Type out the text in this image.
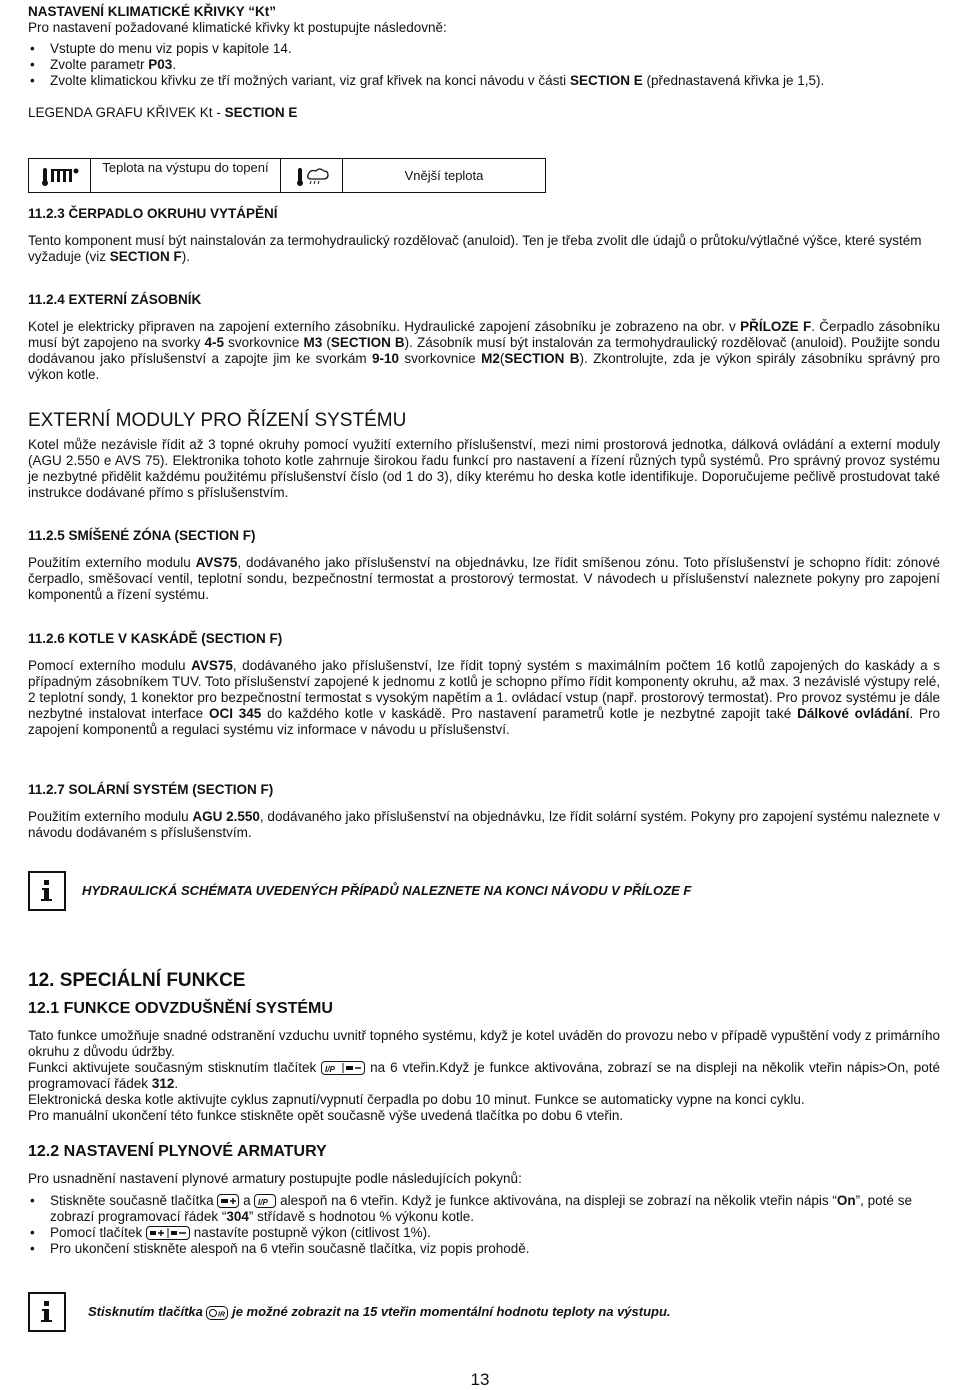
NASTAVENÍ KLIMATICKÉ KŘIVKY “Kt”

Pro nastavení požadované klimatické křivky kt postupujte následovně:

• Vstupte do menu viz popis v kapitole 14.
• Zvolte parametr P03.
• Zvolte klimatickou křivku ze tří možných variant, viz graf křivek na konci návodu v části SECTION E (přednastavená křivka je 1,5).

LEGENDA GRAFU KŘIVEK Kt - SECTION E

Teplota na výstupu do topení
Vnější teplota

11.2.3 ČERPADLO OKRUHU VYTÁPĚNÍ

Tento komponent musí být nainstalován za termohydraulický rozdělovač (anuloid). Ten je třeba zvolit dle údajů o průtoku/výtlačné výšce, které systém vyžaduje (viz SECTION F).

11.2.4 EXTERNÍ ZÁSOBNÍK

Kotel je elektricky připraven na zapojení externího zásobníku. Hydraulické zapojení zásobníku je zobrazeno na obr. v PŘÍLOZE F. Čerpadlo zásobníku musí být zapojeno na svorky 4-5 svorkovnice M3 (SECTION B). Zásobník musí být instalován za termohydraulický rozdělovač (anuloid). Použijte sondu dodávanou jako příslušenství a zapojte jim ke svorkám 9-10 svorkovnice M2(SECTION B). Zkontrolujte, zda je výkon spirály zásobníku správný pro výkon kotle.

EXTERNÍ MODULY PRO ŘÍZENÍ SYSTÉMU

Kotel může nezávisle řídit až 3 topné okruhy pomocí využití externího příslušenství, mezi nimi prostorová jednotka, dálková ovládání a externí moduly (AGU 2.550 e AVS 75). Elektronika tohoto kotle zahrnuje širokou řadu funkcí pro nastavení a řízení různých typů systémů. Pro správný provoz systému je nezbytné přidělit každému použitému příslušenství číslo (od 1 do 3), díky kterému ho deska kotle identifikuje. Doporučujeme pečlivě prostudovat také instrukce dodávané přímo s příslušenstvím.

11.2.5 SMÍŠENÉ ZÓNA (SECTION F)

Použitím externího modulu AVS75, dodávaného jako příslušenství na objednávku, lze řídit smíšenou zónu. Toto příslušenství je schopno řídit: zónové čerpadlo, směšovací ventil, teplotní sondu, bezpečnostní termostat a prostorový termostat. V návodech u příslušenství naleznete pokyny pro zapojení komponentů a řízení systému.

11.2.6 KOTLE V KASKÁDĚ (SECTION F)

Pomocí externího modulu AVS75, dodávaného jako příslušenství, lze řídit topný systém s maximálním počtem 16 kotlů zapojených do kaskády a s případným zásobníkem TUV. Toto příslušenství zapojené k jednomu z kotlů je schopno přímo řídit komponenty okruhu, až max. 3 nezávislé výstupy relé, 2 teplotní sondy, 1 konektor pro bezpečnostní termostat s vysokým napětím a 1. ovládací vstup (např. prostorový termostat). Pro provoz systému je dále nezbytné instalovat interface OCI 345 do každého kotle v kaskádě. Pro nastavení parametrů kotle je nezbytné zapojit také Dálkové ovládání. Pro zapojení komponentů a regulaci systému viz informace v návodu u příslušenství.

11.2.7 SOLÁRNÍ SYSTÉM (SECTION F)

Použitím externího modulu AGU 2.550, dodávaného jako příslušenství na objednávku, lze řídit solární systém. Pokyny pro zapojení systému naleznete v návodu dodávaném s příslušenstvím.

HYDRAULICKÁ SCHÉMATA UVEDENÝCH PŘÍPADŮ NALEZNETE NA KONCI NÁVODU V PŘÍLOZE F

12. SPECIÁLNÍ FUNKCE

12.1 FUNKCE ODVZDUŠNĚNÍ SYSTÉMU

Tato funkce umožňuje snadné odstranění vzduchu uvnitř topného systému, když je kotel uváděn do provozu nebo v případě vypuštění vody z primárního okruhu z důvodu údržby.

Funkci aktivujete současným stisknutím tlačítek I/P na 6 vteřin.Když je funkce aktivována, zobrazí se na displeji na několik vteřin nápis>On, poté programovací řádek 312.

Elektronická deska kotle aktivujte cyklus zapnutí/vypnutí čerpadla po dobu 10 minut. Funkce se automaticky vypne na konci cyklu.

Pro manuální ukončení této funkce stiskněte opět současně výše uvedená tlačítka po dobu 6 vteřin.

12.2 NASTAVENÍ PLYNOVÉ ARMATURY

Pro usnadnění nastavení plynové armatury postupujte podle následujících pokynů:

• Stiskněte současně tlačítka
a I/P alespoň na 6 vteřin. Když je funkce aktivována, na displeji se zobrazí na několik vteřin nápis “On”, poté se zobrazí programovací řádek “304” střídavě s hodnotou % výkonu kotle.
• Pomocí tlačítek	nastavíte postupně výkon (citlivost 1%).
• Pro ukončení stiskněte alespoň na 6 vteřin současně tlačítka, viz popis prohodě.
Stisknutím tlačítka IR je možné zobrazit na 15 vteřin momentální hodnotu teploty na výstupu.
13
